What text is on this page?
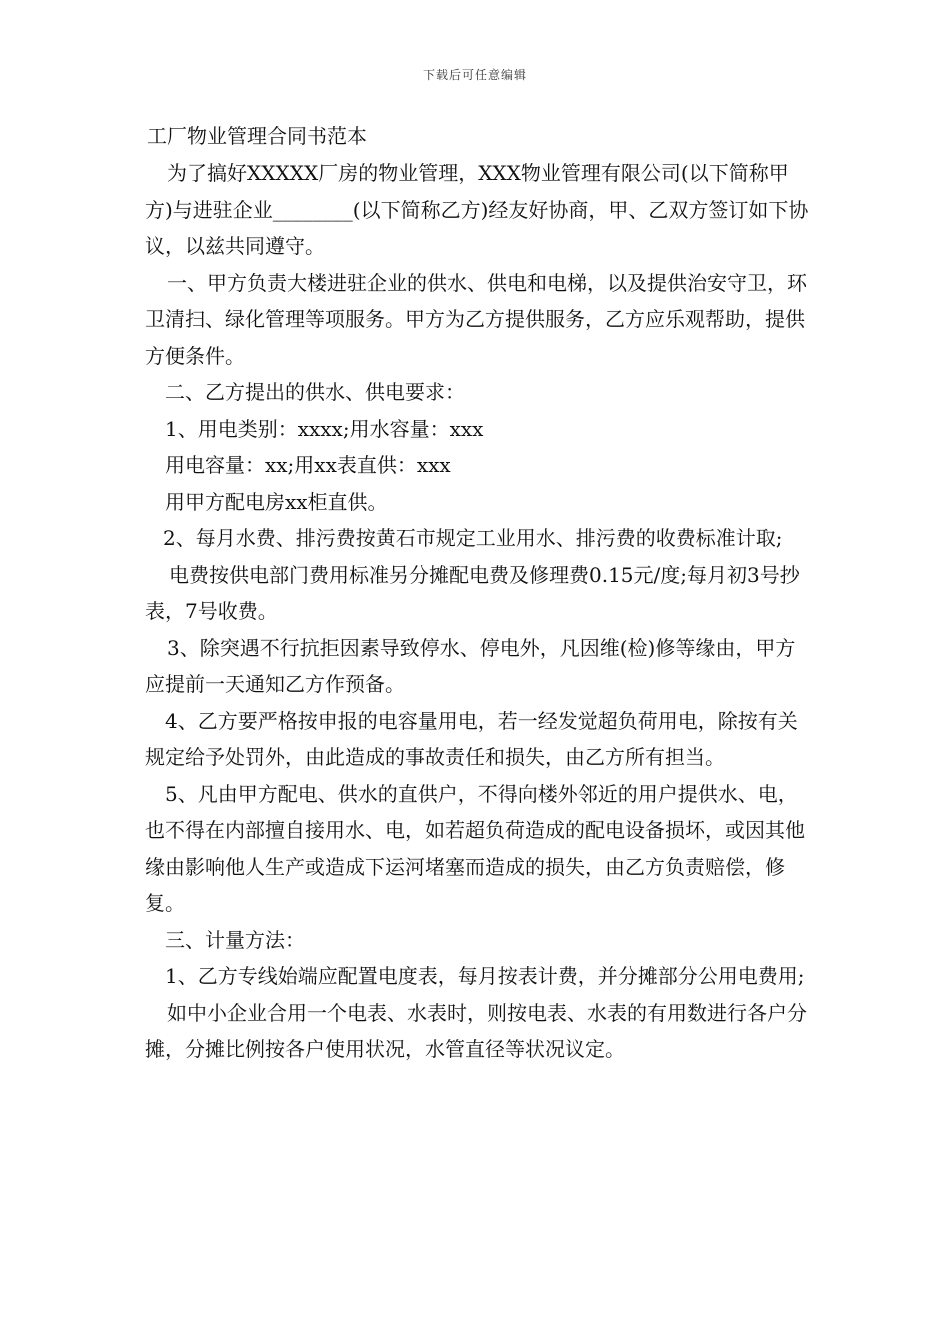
下载后可任意编辑
工厂物业管理合同书范本

为了搞好XXXXX厂房的物业管理，XXX物业管理有限公司(以下简称甲方)与进驻企业________(以下简称乙方)经友好协商，甲、乙双方签订如下协议，以兹共同遵守。

一、甲方负责大楼进驻企业的供水、供电和电梯，以及提供治安守卫，环卫清扫、绿化管理等项服务。甲方为乙方提供服务，乙方应乐观帮助，提供方便条件。

二、乙方提出的供水、供电要求：

1、用电类别：xxxx;用水容量：xxx

用电容量：xx;用xx表直供：xxx

用甲方配电房xx柜直供。

2、每月水费、排污费按黄石市规定工业用水、排污费的收费标准计取;

电费按供电部门费用标准另分摊配电费及修理费0.15元/度;每月初3号抄表，7号收费。

3、除突遇不行抗拒因素导致停水、停电外，凡因维(检)修等缘由，甲方应提前一天通知乙方作预备。

4、乙方要严格按申报的电容量用电，若一经发觉超负荷用电，除按有关规定给予处罚外，由此造成的事故责任和损失，由乙方所有担当。

5、凡由甲方配电、供水的直供户，不得向楼外邻近的用户提供水、电，也不得在内部擅自接用水、电，如若超负荷造成的配电设备损坏，或因其他缘由影响他人生产或造成下运河堵塞而造成的损失，由乙方负责赔偿，修复。

三、计量方法：

1、乙方专线始端应配置电度表，每月按表计费，并分摊部分公用电费用;

如中小企业合用一个电表、水表时，则按电表、水表的有用数进行各户分摊，分摊比例按各户使用状况，水管直径等状况议定。
